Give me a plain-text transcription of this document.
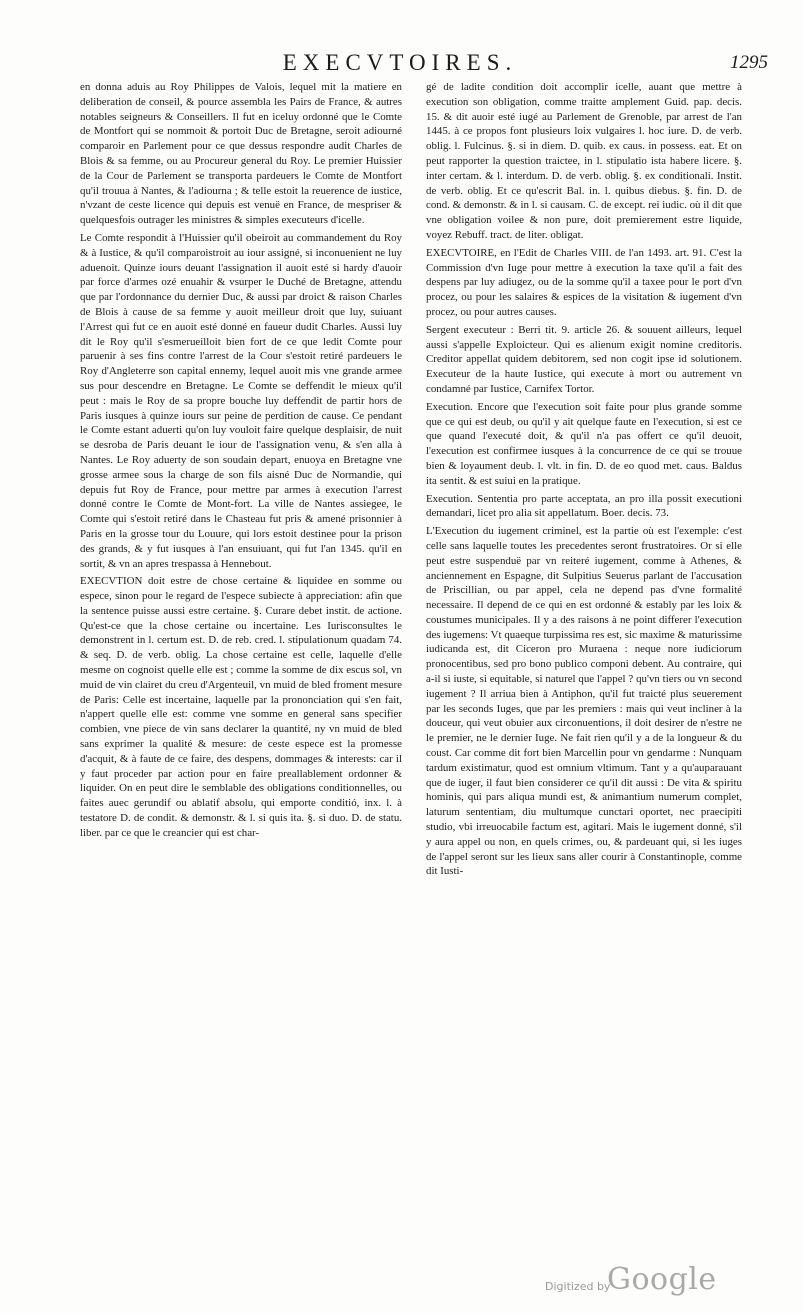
EXECVTOIRES.	1295

en donna aduis au Roy Philippes de Valois, lequel mit la matiere en deliberation de conseil, & pource assembla les Pairs de France, & autres notables seigneurs & Conseillers. Il fut en iceluy ordonné que le Comte de Montfort qui se nommoit & portoit Duc de Bretagne, seroit adiourné comparoir en Parlement pour ce que dessus respondre audit Charles de Blois & sa femme, ou au Procureur general du Roy. Le premier Huissier de la Cour de Parlement se transporta pardeuers le Comte de Montfort qu'il trouua à Nantes, & l'adiourna ; & telle estoit la reuerence de iustice, n'vzant de ceste licence qui depuis est venuë en France, de mespriser & quelquesfois outrager les ministres & simples executeurs d'icelle.

Le Comte respondit à l'Huissier qu'il obeiroit au commandement du Roy & à Iustice, & qu'il comparoistroit au iour assigné, si inconuenient ne luy aduenoit. Quinze iours deuant l'assignation il auoit esté si hardy d'auoir par force d'armes ozé enuahir & vsurper le Duché de Bretagne, attendu que par l'ordonnance du dernier Duc, & aussi par droict & raison Charles de Blois à cause de sa femme y auoit meilleur droit que luy, suiuant l'Arrest qui fut ce en auoit esté donné en faueur dudit Charles. Aussi luy dit le Roy qu'il s'esmerueilloit bien fort de ce que ledit Comte pour paruenir à ses fins contre l'arrest de la Cour s'estoit retiré pardeuers le Roy d'Angleterre son capital ennemy, lequel auoit mis vne grande armee sus pour descendre en Bretagne. Le Comte se deffendit le mieux qu'il peut : mais le Roy de sa propre bouche luy deffendit de partir hors de Paris iusques à quinze iours sur peine de perdition de cause. Ce pendant le Comte estant aduerti qu'on luy vouloit faire quelque desplaisir, de nuit se desroba de Paris deuant le iour de l'assignation venu, & s'en alla à Nantes. Le Roy aduerty de son soudain depart, enuoya en Bretagne vne grosse armee sous la charge de son fils aisné Duc de Normandie, qui depuis fut Roy de France, pour mettre par armes à execution l'arrest donné contre le Comte de Mont-fort. La ville de Nantes assiegee, le Comte qui s'estoit retiré dans le Chasteau fut pris & amené prisonnier à Paris en la grosse tour du Louure, qui lors estoit destinee pour la prison des grands, & y fut iusques à l'an ensuiuant, qui fut l'an 1345. qu'il en sortit, & vn an apres trespassa à Hennebout.

EXECVTION doit estre de chose certaine & liquidee en somme ou espece, sinon pour le regard de l'espece subiecte à appreciation: afin que la sentence puisse aussi estre certaine. §. Curare debet instit. de actione. Qu'est-ce que la chose certaine ou incertaine. Les Iurisconsultes le demonstrent in l. certum est. D. de reb. cred. l. stipulationum quadam 74. & seq. D. de verb. oblig. La chose certaine est celle, laquelle d'elle mesme on cognoist quelle elle est ; comme la somme de dix escus sol, vn muid de vin clairet du creu d'Argenteuil, vn muid de bled froment mesure de Paris: Celle est incertaine, laquelle par la prononciation qui s'en fait, n'appert quelle elle est: comme vne somme en general sans specifier combien, vne piece de vin sans declarer la quantité, ny vn muid de bled sans exprimer la qualité & mesure: de ceste espece est la promesse d'acquit, & à faute de ce faire, des despens, dommages & interests: car il y faut proceder par action pour en faire preallablement ordonner & liquider. On en peut dire le semblable des obligations conditionnelles, ou faites auec gerundif ou ablatif absolu, qui emporte conditió, inx. l. à testatore D. de condit. & demonstr. & l. si quis ita. §. si duo. D. de statu. liber. par ce que le creancier qui est char-

gé de ladite condition doit accomplir icelle, auant que mettre à execution son obligation, comme traitte amplement Guid. pap. decis. 15. & dit auoir esté iugé au Parlement de Grenoble, par arrest de l'an 1445. à ce propos font plusieurs loix vulgaires l. hoc iure. D. de verb. oblig. l. Fulcinus. §. si in diem. D. quib. ex caus. in possess. eat. Et on peut rapporter la question traictee, in l. stipulatio ista habere licere. §. inter certam. & l. interdum. D. de verb. oblig. §. ex conditionali. Instit. de verb. oblig. Et ce qu'escrit Bal. in. l. quibus diebus. §. fin. D. de cond. & demonstr. & in l. si causam. C. de except. rei iudic. où il dit que vne obligation voilee & non pure, doit premierement estre liquide, voyez Rebuff. tract. de liter. obligat.

EXECVTOIRE, en l'Edit de Charles VIII. de l'an 1493. art. 91. C'est la Commission d'vn Iuge pour mettre à execution la taxe qu'il a fait des despens par luy adiugez, ou de la somme qu'il a taxee pour le port d'vn procez, ou pour les salaires & espices de la visitation & iugement d'vn procez, ou pour autres causes.

Sergent executeur : Berri tit. 9. article 26. & souuent ailleurs, lequel aussi s'appelle Exploicteur. Qui es alienum exigit nomine creditoris. Creditor appellat quidem debitorem, sed non cogit ipse id solutionem. Executeur de la haute Iustice, qui execute à mort ou autrement vn condamné par Iustice, Carnifex Tortor.

Execution. Encore que l'execution soit faite pour plus grande somme que ce qui est deub, ou qu'il y ait quelque faute en l'execution, si est ce que quand l'executé doit, & qu'il n'a pas offert ce qu'il deuoit, l'execution est confirmee iusques à la concurrence de ce qui se trouue bien & loyaument deub. l. vlt. in fin. D. de eo quod met. caus. Baldus ita sentit. & est suiui en la pratique.

Execution. Sententia pro parte acceptata, an pro illa possit executioni demandari, licet pro alia sit appellatum. Boer. decis. 73.

L'Execution du iugement criminel, est la partie où est l'exemple: c'est celle sans laquelle toutes les precedentes seront frustratoires. Or si elle peut estre suspenduë par vn reiteré iugement, comme à Athenes, & anciennement en Espagne, dit Sulpitius Seuerus parlant de l'accusation de Priscillian, ou par appel, cela ne depend pas d'vne formalité necessaire. Il depend de ce qui en est ordonné & estably par les loix & coustumes municipales. Il y a des raisons à ne point differer l'execution des iugemens: Vt quaeque turpissima res est, sic maxime & maturissime iudicanda est, dit Ciceron pro Muraena : neque nore iudiciorum pronocentibus, sed pro bono publico componi debent. Au contraire, qui a-il si iuste, si equitable, si naturel que l'appel ? qu'vn tiers ou vn second iugement ? Il arriua bien à Antiphon, qu'il fut traicté plus seuerement par les seconds Iuges, que par les premiers : mais qui veut incliner à la douceur, qui veut obuier aux circonuentions, il doit desirer de n'estre ne le premier, ne le dernier Iuge. Ne fait rien qu'il y a de la longueur & du coust. Car comme dit fort bien Marcellin pour vn gendarme : Nunquam tardum existimatur, quod est omnium vltimum. Tant y a qu'auparauant que de iuger, il faut bien considerer ce qu'il dit aussi : De vita & spiritu hominis, qui pars aliqua mundi est, & animantium numerum complet, laturum sententiam, diu multumque cunctari oportet, nec praecipiti studio, vbi irreuocabile factum est, agitari. Mais le iugement donné, s'il y aura appel ou non, en quels crimes, ou, & pardeuant qui, si les iuges de l'appel seront sur les lieux sans aller courir à Constantinople, comme dit Iusti-

Digitized by
Google
